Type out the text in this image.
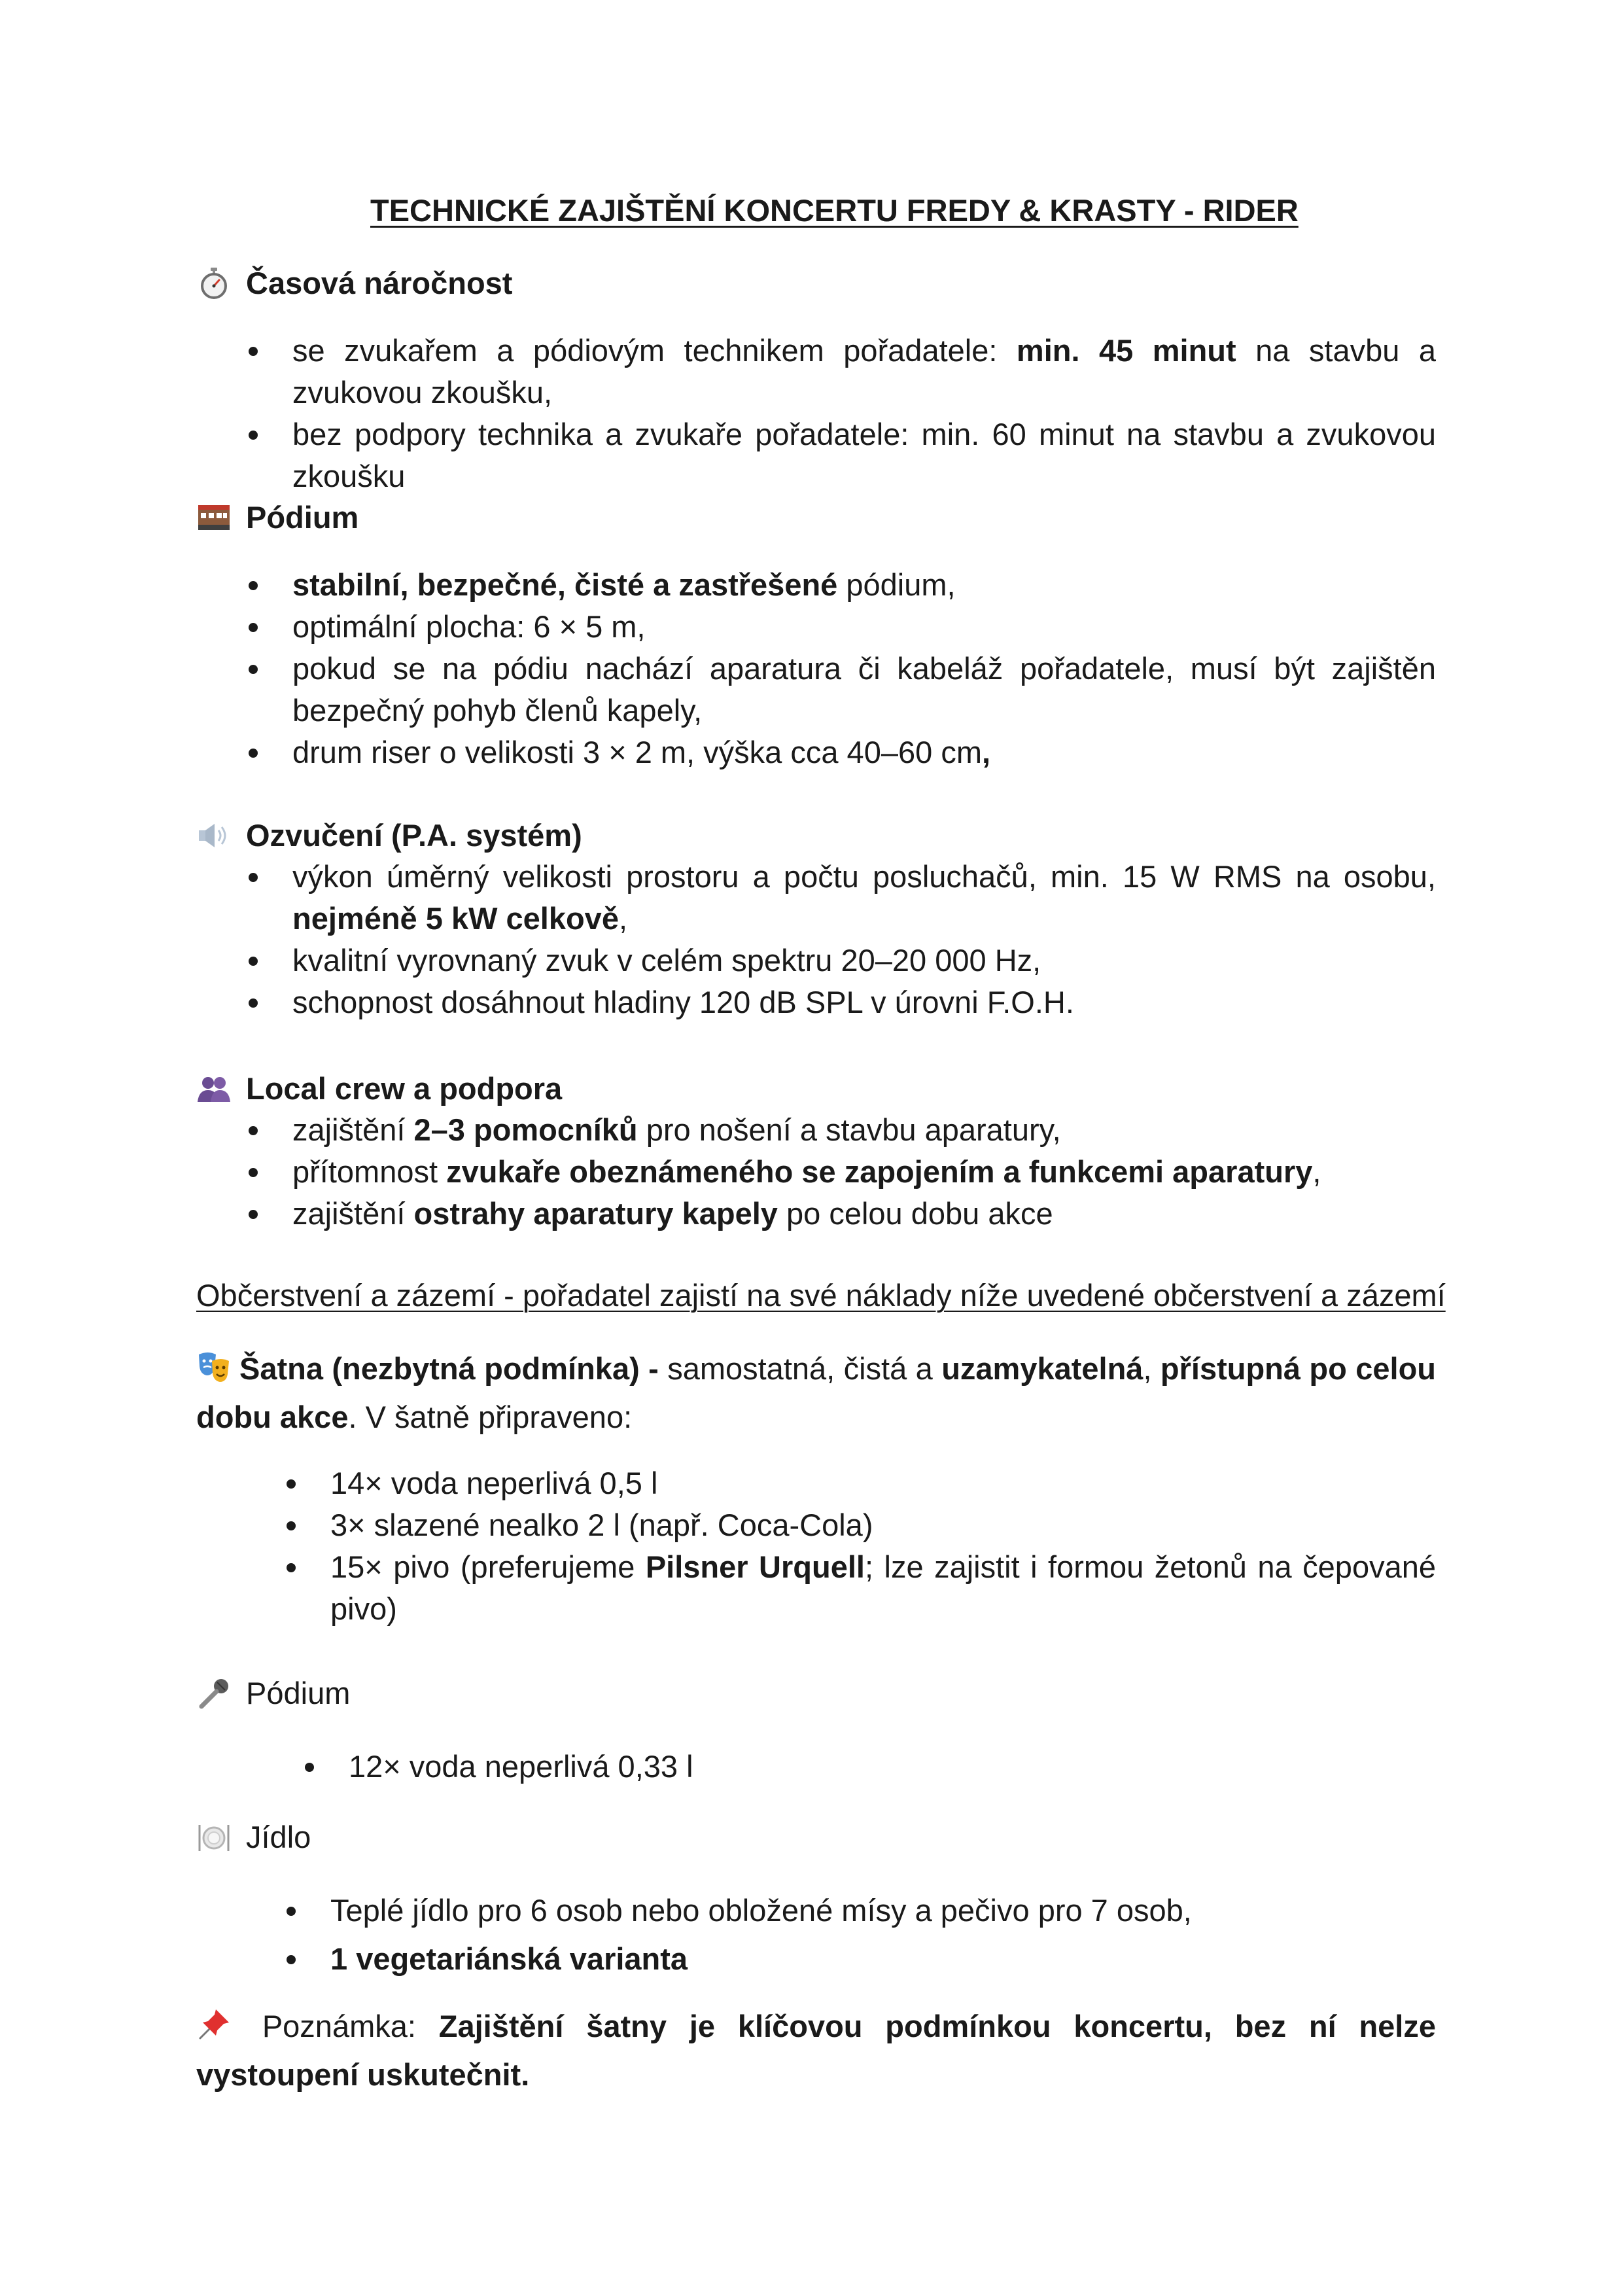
TECHNICKÉ ZAJIŠTĚNÍ KONCERTU FREDY & KRASTY - RIDER
Časová náročnost
se zvukařem a pódiovým technikem pořadatele: min. 45 minut na stavbu a zvukovou zkoušku,
bez podpory technika a zvukaře pořadatele: min. 60 minut na stavbu a zvukovou zkoušku
Pódium
stabilní, bezpečné, čisté a zastřešené pódium,
optimální plocha: 6 × 5 m,
pokud se na pódiu nachází aparatura či kabeláž pořadatele, musí být zajištěn bezpečný pohyb členů kapely,
drum riser o velikosti 3 × 2 m, výška cca 40–60 cm,
Ozvučení (P.A. systém)
výkon úměrný velikosti prostoru a počtu posluchačů, min. 15 W RMS na osobu, nejméně 5 kW celkově,
kvalitní vyrovnaný zvuk v celém spektru 20–20 000 Hz,
schopnost dosáhnout hladiny 120 dB SPL v úrovni F.O.H.
Local crew a podpora
zajištění 2–3 pomocníků pro nošení a stavbu aparatury,
přítomnost zvukaře obeznámeného se zapojením a funkcemi aparatury,
zajištění ostrahy aparatury kapely po celou dobu akce

Občerstvení a zázemí - pořadatel zajistí na své náklady níže uvedené občerstvení a zázemí

Šatna (nezbytná podmínka) - samostatná, čistá a uzamykatelná, přístupná po celou dobu akce. V šatně připraveno:

14× voda neperlivá 0,5 l
3× slazené nealko 2 l (např. Coca-Cola)
15× pivo (preferujeme Pilsner Urquell; lze zajistit i formou žetonů na čepované pivo)
Pódium
12× voda neperlivá 0,33 l
Jídlo
Teplé jídlo pro 6 osob nebo obložené mísy a pečivo pro 7 osob,
1 vegetariánská varianta

Poznámka: Zajištění šatny je klíčovou podmínkou koncertu, bez ní nelze vystoupení uskutečnit.
